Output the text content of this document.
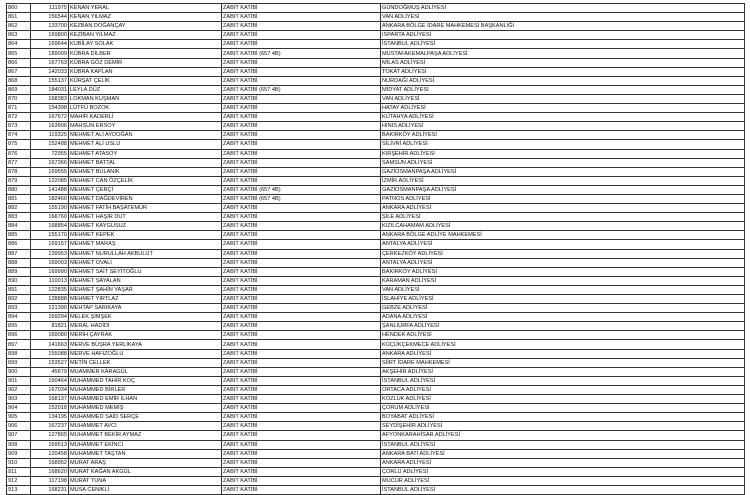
860	111975	KENAN YERAL	ZABIT KATİBİ	GÜNDOĞMUŞ ADLİYESİ
861	156544	KENAN YILMAZ	ZABIT KATİBİ	VAN ADLİYESİ
862	133700	KEZBAN DOĞANÇAY	ZABIT KATİBİ	ANKARA BÖLGE İDARE MAHKEMESİ BAŞKANLIĞI
863	169800	KEZİBAN YILMAZ	ZABIT KATİBİ	ISPARTA ADLİYESİ
864	169644	KUBİLAY SOLAK	ZABIT KATİBİ	İSTANBUL ADLİYESİ
865	189009	KÜBRA DİLBER	ZABIT KATİBİ (657 4B)	MUSTAFAKEMALPAŞA ADLİYESİ
866	167763	KÜBRA GÖZ DEMİR	ZABIT KATİBİ	MİLAS ADLİYESİ
867	142033	KÜBRA KAPLAN	ZABIT KATİBİ	TOKAT ADLİYESİ
868	155137	KÜRŞAT ÇELİK	ZABIT KATİBİ	NURDAĞI ADLİYESİ
869	184031	LEYLA DÜZ	ZABIT KATİBİ (657 4B)	MİDYAT ADLİYESİ
870	168383	LOKMAN KUŞMAN	ZABIT KATİBİ	VAN ADLİYESİ
871	154398	LÜTFÜ BOZOK	ZABIT KATİBİ	HATAY ADLİYESİ
872	167672	MAHİR KADERLİ	ZABIT KATİBİ	KÜTAHYA ADLİYESİ
873	163906	MAHSUN ERSOY	ZABIT KATİBİ	HINIS ADLİYESİ
874	119325	MEHMET ALİ AYDOĞAN	ZABIT KATİBİ	BAKIRKÖY ADLİYESİ
875	152488	MEHMET ALİ USLU	ZABIT KATİBİ	SİLİVRİ ADLİYESİ
876	72955	MEHMET ATASOY	ZABIT KATİBİ	KIRŞEHİR ADLİYESİ
877	167366	MEHMET BATTAL	ZABIT KATİBİ	SAMSUN ADLİYESİ
878	169555	MEHMET BULANIK	ZABIT KATİBİ	GAZİOSMANPAŞA ADLİYESİ
879	122085	MEHMET CAN ÖZÇELİK	ZABIT KATİBİ	İZMİR ADLİYESİ
880	141488	MEHMET ÇERÇİ	ZABIT KATİBİ (657 4B)	GAZİOSMANPAŞA ADLİYESİ
881	182460	MEHMET DAĞDEVİREN	ZABIT KATİBİ (657 4B)	PATNOS ADLİYESİ
882	155190	MEHMET FATİH BAŞATEMÜR	ZABIT KATİBİ	ANKARA ADLİYESİ
883	166760	MEHMET HAŞİR DUT	ZABIT KATİBİ	ŞİLE ADLİYESİ
884	168854	MEHMET KAYGUSUZ	ZABIT KATİBİ	KIZILCAHAMAM ADLİYESİ
885	155170	MEHMET KEPEK	ZABIT KATİBİ	ANKARA BÖLGE ADLİYE MAHKEMESİ
886	169157	MEHMET MARAŞ	ZABIT KATİBİ	ANTALYA ADLİYESİ
887	139953	MEHMET NURULLAH AKBULUT	ZABIT KATİBİ	ÇERKEZKÖY ADLİYESİ
888	169093	MEHMET OVALI	ZABIT KATİBİ	ANTALYA ADLİYESİ
889	169990	MEHMET SAİT SEYİTOĞLU	ZABIT KATİBİ	BAKIRKÖY ADLİYESİ
890	110013	MEHMET SAYALAN	ZABIT KATİBİ	KARAMAN ADLİYESİ
891	122835	MEHMET ŞAHİN YAŞAR	ZABIT KATİBİ	VAN ADLİYESİ
892	128888	MEHMET YIRTLAZ	ZABIT KATİBİ	İSLAHİYE ADLİYESİ
893	121390	MEHTAP SARIKAYA	ZABIT KATİBİ	GEBZE ADLİYESİ
894	169294	MELEK ŞİMŞEK	ZABIT KATİBİ	ADANA ADLİYESİ
895	81821	MERAL HADİDİ	ZABIT KATİBİ	ŞANLIURFA ADLİYESİ
896	169080	MERİH ÇAYRAK	ZABIT KATİBİ	HENDEK ADLİYESİ
897	141663	MERVE BÜŞRA YERLİKAYA	ZABIT KATİBİ	KÜÇÜKÇEKMECE ADLİYESİ
898	155088	MERVE HAFIZOĞLU	ZABIT KATİBİ	ANKARA ADLİYESİ
899	153527	METİN CELLEK	ZABIT KATİBİ	SİİRT İDARE MAHKEMESİ
900	45679	MUAMMER KARAGÜL	ZABIT KATİBİ	AKŞEHİR ADLİYESİ
901	160464	MUHAMMED TAHİR KOÇ	ZABIT KATİBİ	İSTANBUL ADLİYESİ
902	167034	MUHAMMED BİRLER	ZABIT KATİBİ	ORTACA ADLİYESİ
903	168137	MUHAMMED EMİR İLHAN	ZABIT KATİBİ	KOZLUK ADLİYESİ
904	152018	MUHAMMED MEMİŞ	ZABIT KATİBİ	ÇORUM ADLİYESİ
905	134195	MUHAMMED SAİD SERÇE	ZABIT KATİBİ	BOYABAT ADLİYESİ
906	167237	MUHAMMET AVCI	ZABIT KATİBİ	SEYDİŞEHİR ADLİYESİ
907	127865	MUHAMMET BEKİR AYMAZ	ZABIT KATİBİ	AFYONKARAHİSAR ADLİYESİ
908	169513	MUHAMMET EKİNCİ	ZABIT KATİBİ	İSTANBUL ADLİYESİ
909	120458	MUHAMMET TAŞTAN	ZABIT KATİBİ	ANKARA BATI ADLİYESİ
910	168952	MURAT ARAŞ	ZABIT KATİBİ	ANKARA ADLİYESİ
911	168620	MURAT KAĞAN AKGÜL	ZABIT KATİBİ	ÇORLU ADLİYESİ
912	117198	MURAT TUNA	ZABIT KATİBİ	MUCUR ADLİYESİ
913	168231	MUSA CENİKLİ	ZABIT KATİBİ	İSTANBUL ADLİYESİ
